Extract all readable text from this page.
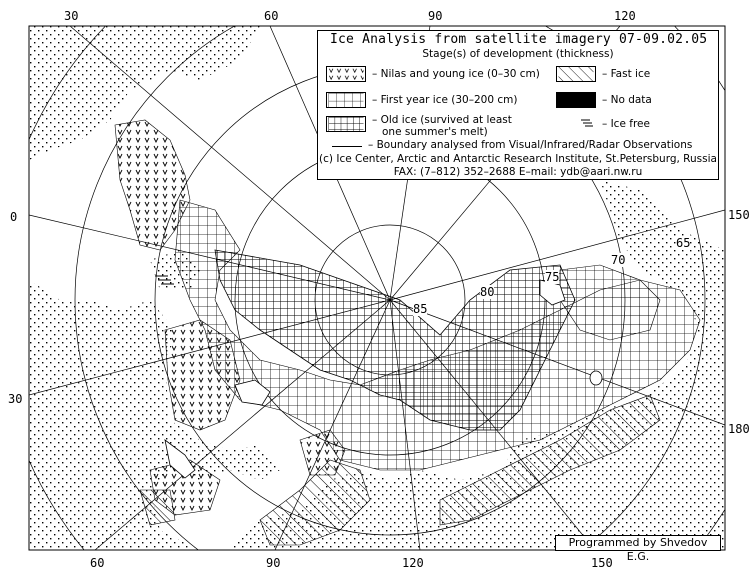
30	60	90	120
60	90	120	150
0
30
150
180
85
80
75
70
65
Ice Analysis from satellite imagery 07-09.02.05
Stage(s) of development (thickness)
– Nilas and young ice (0–30 cm)	– Fast ice
– First year ice (30–200 cm)	– No data
– Old ice (survived at least
one summer's melt)
– Ice free
– Boundary analysed from Visual/Infrared/Radar Observations
(c) Ice Center, Arctic and Antarctic Research Institute, St.Petersburg, Russia
FAX: (7–812) 352–2688 E–mail: ydb@aari.nw.ru
Programmed by Shvedov E.G.
